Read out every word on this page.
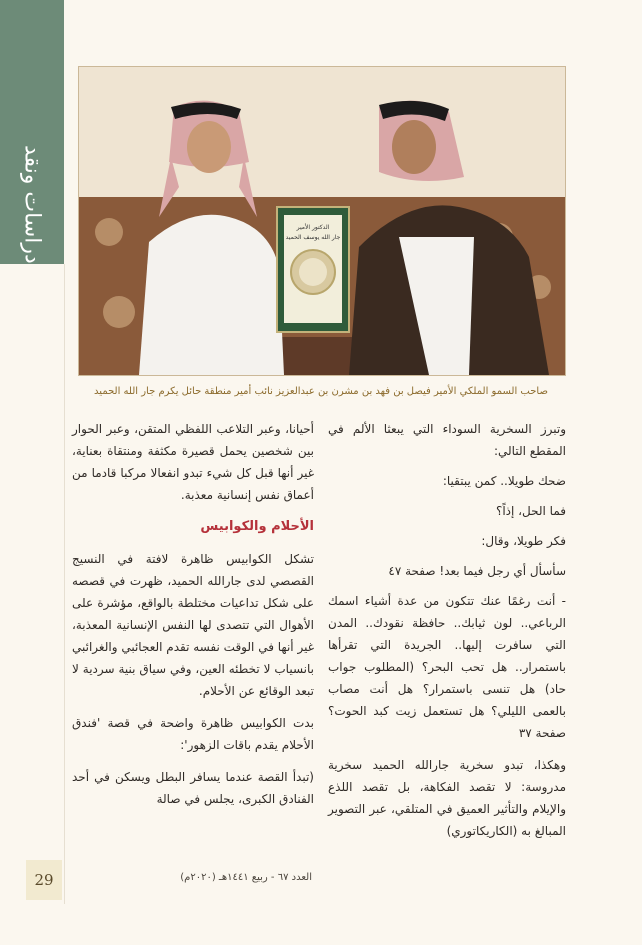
دراسات ونقد	الدكتور الأمير
جار الله يوسف الحميد
صاحب السمو الملكي الأمير فيصل بن فهد بن مشرن بن عبدالعزيز نائب أمير منطقة حائل يكرم جار الله الحميد

وتبرز السخرية السوداء التي يبعثا الألم في المقطع التالي:

ضحك طويلا.. كمن يبتقيا:

فما الحل، إذاً؟

فكر طويلا، وقال:

سأسأل أي رجل فيما بعد! صفحة ٤٧

- أنت رغمًا عنك تتكون من عدة أشياء اسمك الرباعي.. لون ثيابك.. حافظة نقودك.. المدن التي سافرت إليها.. الجريدة التي تقرأها باستمرار.. هل تحب البحر؟ (المطلوب جواب حاد) هل تنسى باستمرار؟ هل أنت مصاب بالعمى الليلي؟ هل تستعمل زيت كبد الحوت؟ صفحة ٣٧

وهكذا، تبدو سخرية جارالله الحميد سخرية مدروسة: لا تقصد الفكاهة، بل تقصد اللذع والإيلام والتأثير العميق في المتلقي، عبر التصوير المبالغ به (الكاريكاتوري)

أحيانا، وعبر التلاعب اللفظي المتقن، وعبر الحوار بين شخصين يحمل قصيرة مكثفة ومنتقاة بعناية، غير أنها قبل كل شيء تبدو انفعالا مركبا قادما من أعماق نفس إنسانية معذبة.

الأحلام والكوابيس

تشكل الكوابيس ظاهرة لافتة في النسيج القصصي لدى جارالله الحميد، ظهرت في قصصه على شكل تداعيات مختلطة بالواقع، مؤشرة على الأهوال التي تتصدى لها النفس الإنسانية المعذبة، غير أنها في الوقت نفسه تقدم العجائبي والغرائبي بانسياب لا تخطئه العين، وفي سياق بنية سردية لا تبعد الوقائع عن الأحلام.

بدت الكوابيس ظاهرة واضحة في قصة 'فندق الأحلام يقدم باقات الزهور':

(تبدأ القصة عندما يسافر البطل ويسكن في أحد الفنادق الكبرى، يجلس في صالة

29	العدد ٦٧ - ربيع ١٤٤١هـ (٢٠٢٠م)
